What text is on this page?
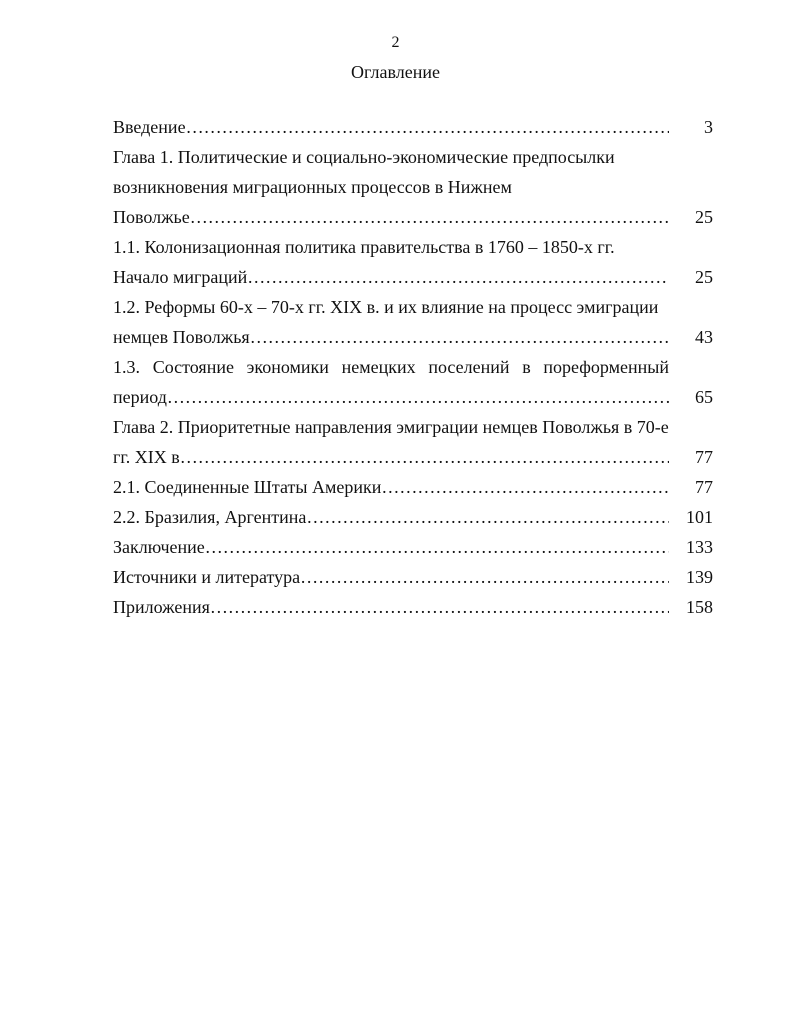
2
Оглавление
Введение ……………………………………………………………………………………………………………………………………………………………………………	3
Глава 1. Политические и социально-экономические предпосылки
возникновения миграционных процессов в Нижнем
Поволжье ……………………………………………………………………………………………………………………………………………………………………………	25
1.1. Колонизационная политика правительства в 1760 – 1850-х гг.
Начало миграций ……………………………………………………………………………………………………………………………………………………………………………	25
1.2. Реформы 60-х – 70-х гг. XIX в. и их влияние на процесс эмиграции
немцев Поволжья ……………………………………………………………………………………………………………………………………………………………………………	43
1.3. Состояние экономики немецких поселений в пореформенный
период ……………………………………………………………………………………………………………………………………………………………………………	65
Глава 2. Приоритетные направления эмиграции немцев Поволжья в 70-е
гг. XIX в ……………………………………………………………………………………………………………………………………………………………………………	77
2.1. Соединенные Штаты Америки ……………………………………………………………………………………………………………………………………………………………………………	77
2.2. Бразилия, Аргентина ……………………………………………………………………………………………………………………………………………………………………………	101
Заключение ……………………………………………………………………………………………………………………………………………………………………………	133
Источники и литература ……………………………………………………………………………………………………………………………………………………………………………	139
Приложения ……………………………………………………………………………………………………………………………………………………………………………	158
